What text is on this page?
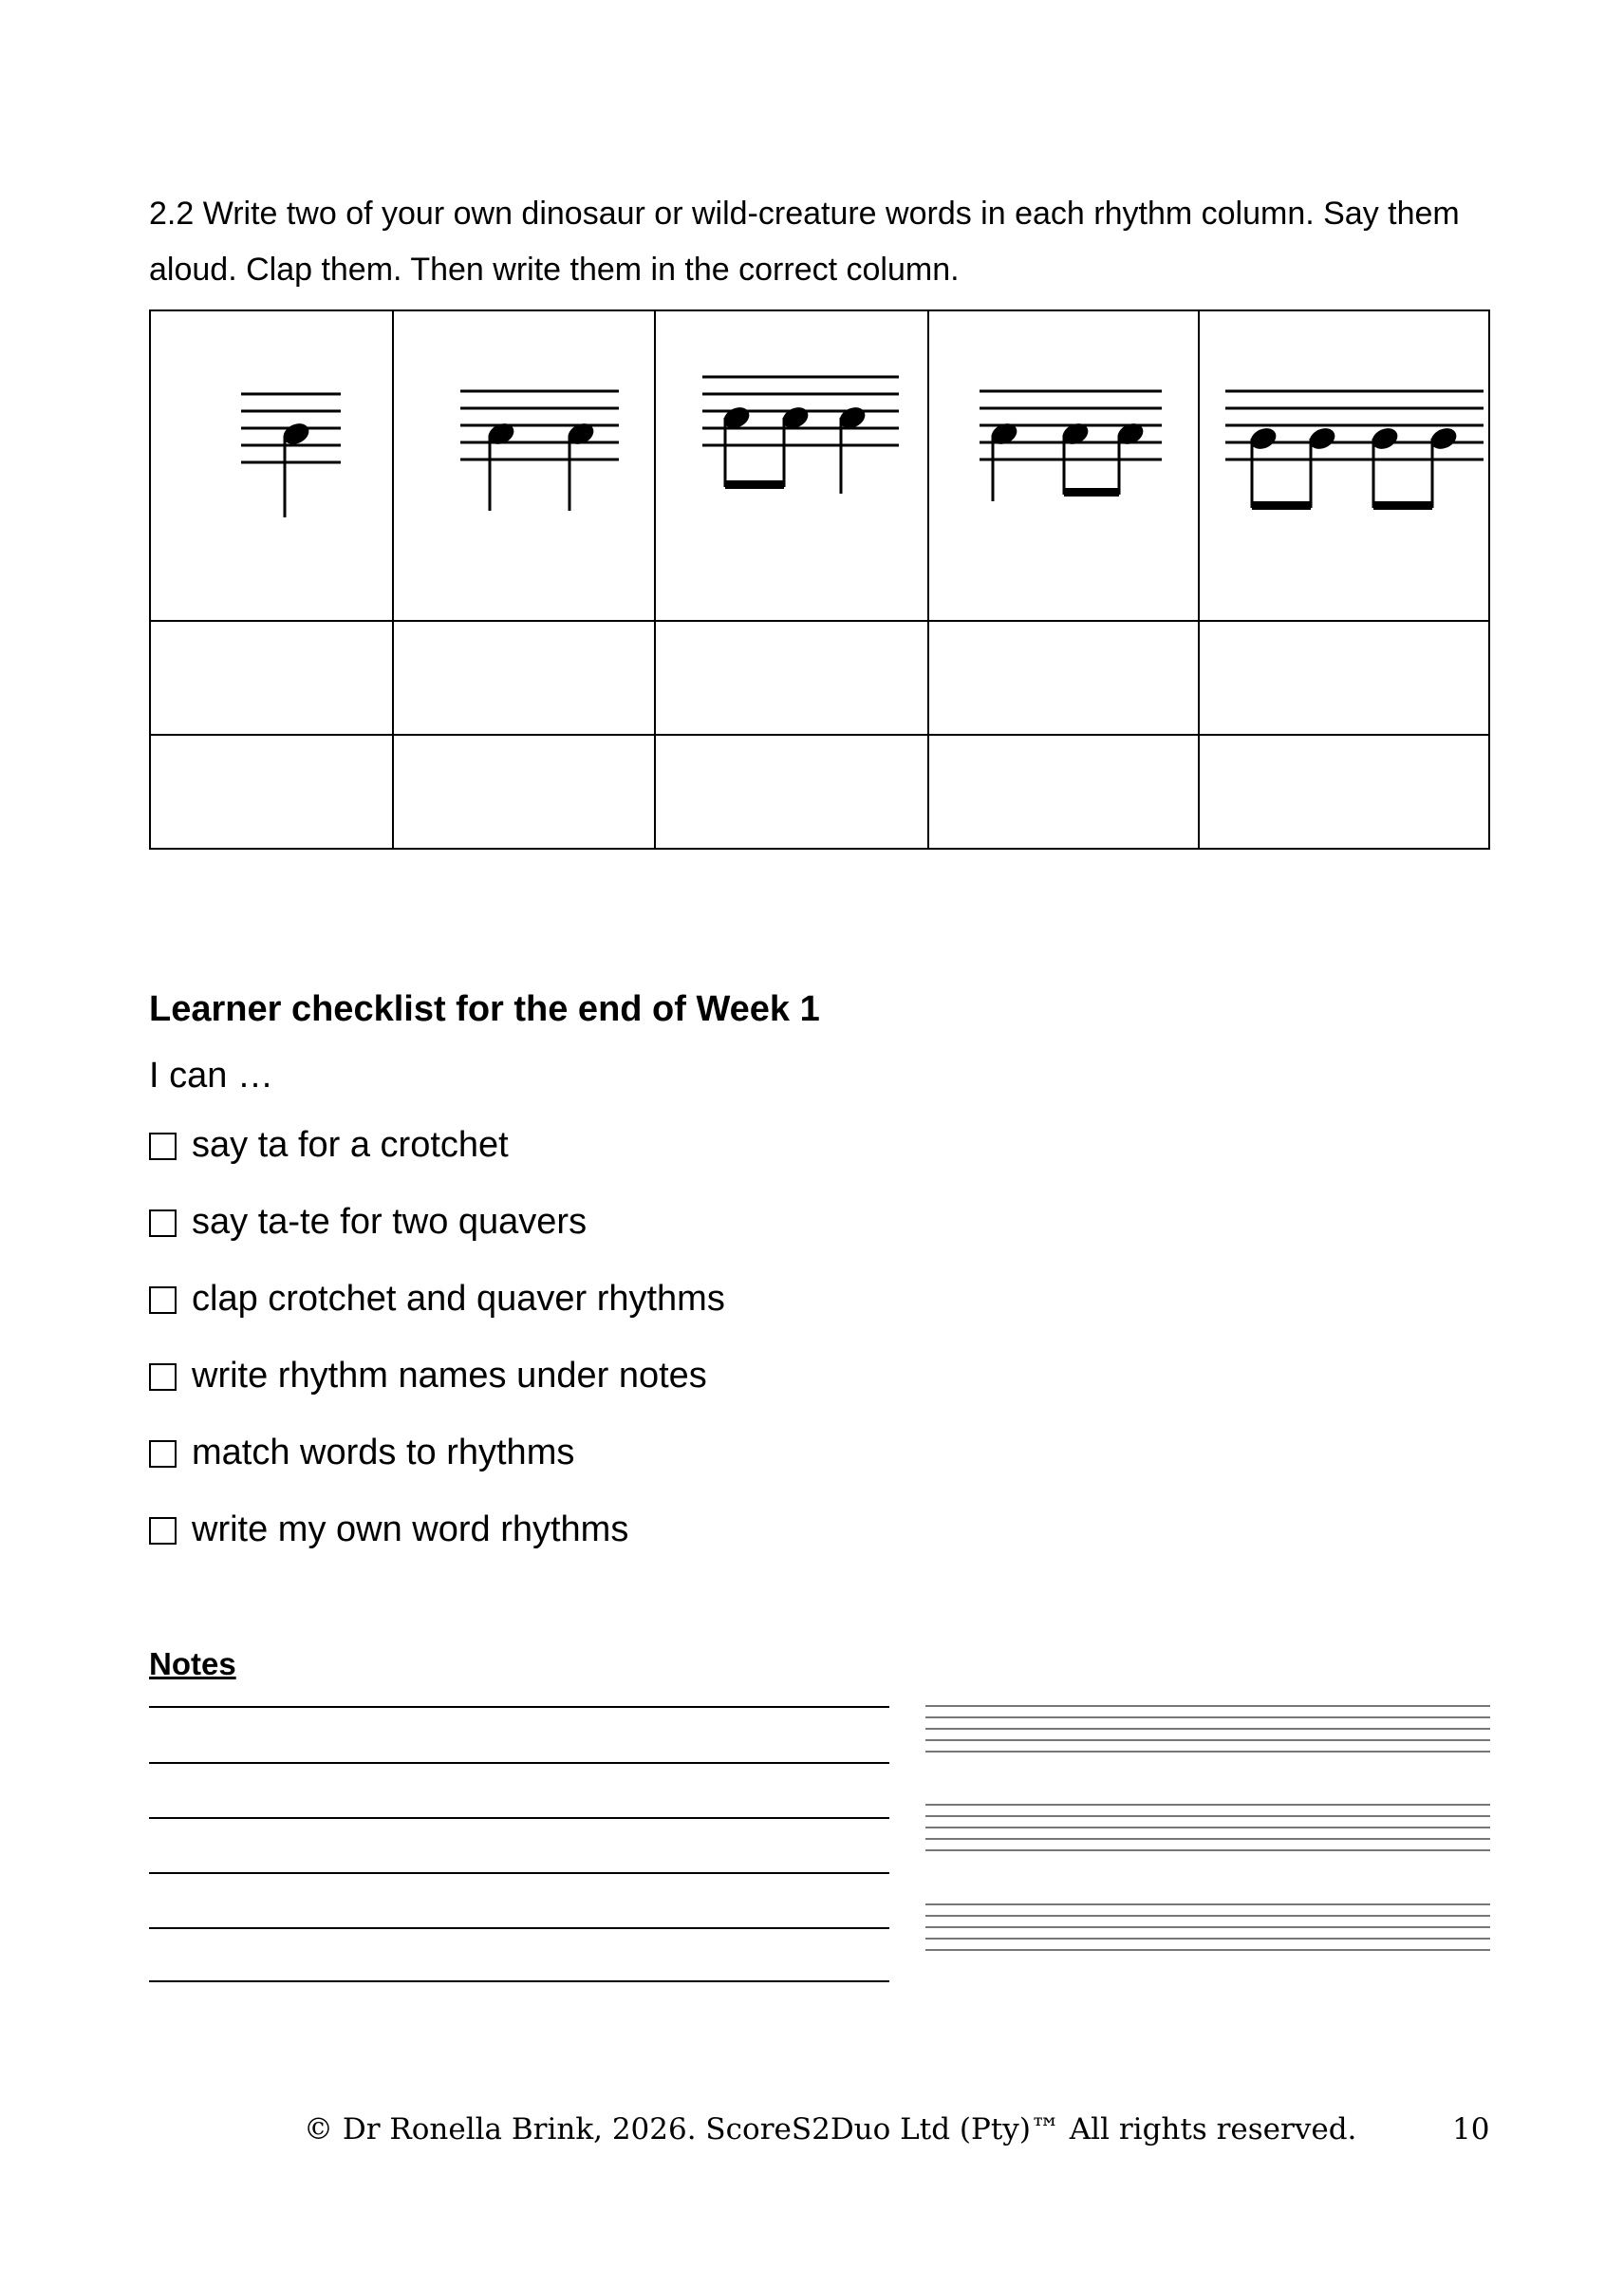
2.2 Write two of your own dinosaur or wild-creature words in each rhythm column. Say them aloud. Clap them. Then write them in the correct column.

Learner checklist for the end of Week 1
I can …
say ta for a crotchet
say ta-te for two quavers
clap crotchet and quaver rhythms
write rhythm names under notes
match words to rhythms
write my own word rhythms
Notes
© Dr Ronella Brink, 2026. ScoreS2Duo Ltd (Pty)™ All rights reserved.	10
